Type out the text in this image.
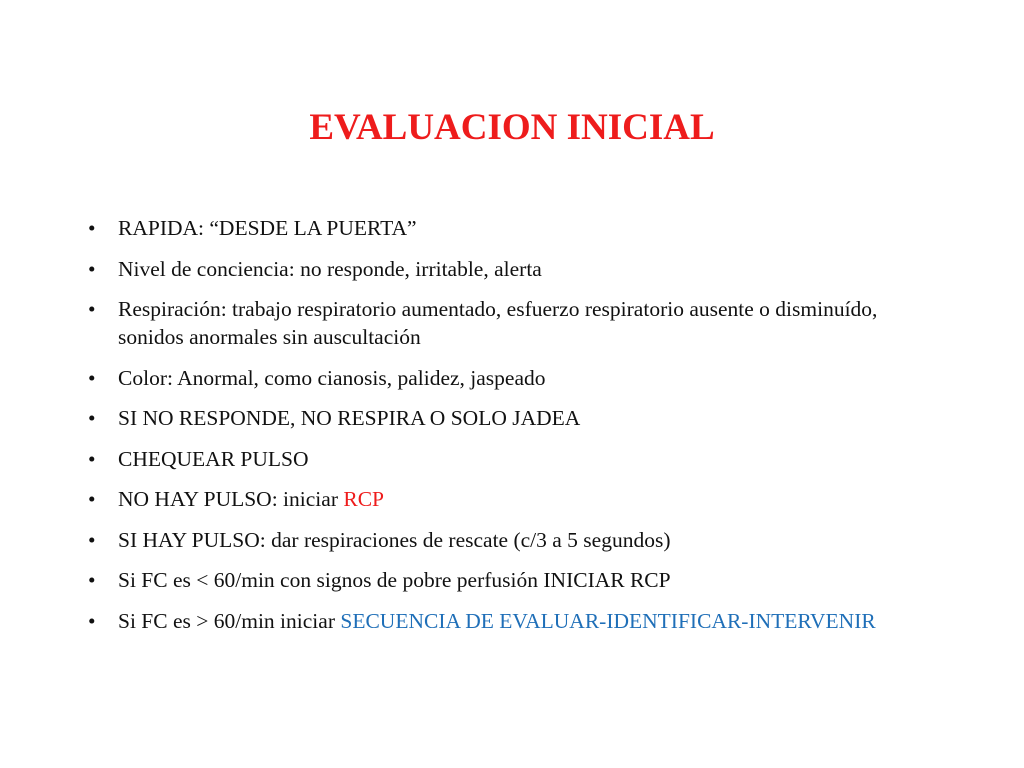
EVALUACION INICIAL
• RAPIDA: “DESDE LA PUERTA”
• Nivel de conciencia: no responde, irritable, alerta
• Respiración: trabajo respiratorio aumentado, esfuerzo respiratorio ausente o disminuído, sonidos anormales sin auscultación
• Color: Anormal, como cianosis, palidez, jaspeado
• SI NO RESPONDE, NO RESPIRA O SOLO JADEA
• CHEQUEAR PULSO
• NO HAY PULSO: iniciar RCP
• SI HAY PULSO: dar respiraciones de rescate (c/3 a 5 segundos)
• Si FC es < 60/min con signos de pobre perfusión INICIAR RCP
• Si FC es > 60/min iniciar SECUENCIA DE EVALUAR-IDENTIFICAR-INTERVENIR
